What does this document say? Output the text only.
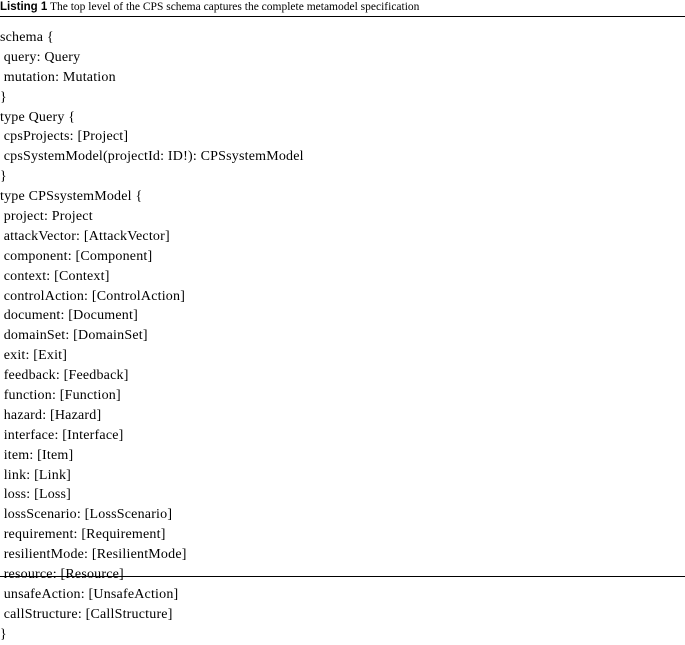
Listing 1 The top level of the CPS schema captures the complete metamodel specification
schema {
query: Query
mutation: Mutation
}
type Query {
cpsProjects: [Project]
cpsSystemModel(projectId: ID!): CPSsystemModel
}
type CPSsystemModel {
project: Project
attackVector: [AttackVector]
component: [Component]
context: [Context]
controlAction: [ControlAction]
document: [Document]
domainSet: [DomainSet]
exit: [Exit]
feedback: [Feedback]
function: [Function]
hazard: [Hazard]
interface: [Interface]
item: [Item]
link: [Link]
loss: [Loss]
lossScenario: [LossScenario]
requirement: [Requirement]
resilientMode: [ResilientMode]
resource: [Resource]
unsafeAction: [UnsafeAction]
callStructure: [CallStructure]
}
